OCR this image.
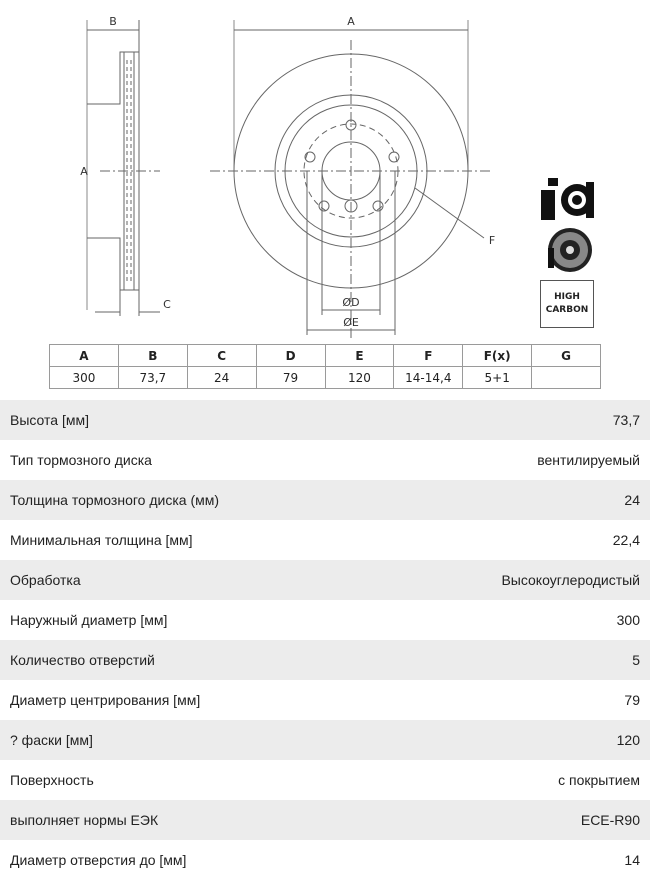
B
C
A
A
F
ØD
ØE
HIGH
CARBON
A	B	C	D	E	F	F(x)	G
300	73,7	24	79	120	14-14,4	5+1	
Высота [мм]	73,7
Тип тормозного диска	вентилируемый
Толщина тормозного диска (мм)	24
Минимальная толщина [мм]	22,4
Обработка	Высокоуглеродистый
Наружный диаметр [мм]	300
Количество отверстий	5
Диаметр центрирования [мм]	79
? фаски [мм]	120
Поверхность	с покрытием
выполняет нормы ЕЭК	ECE-R90
Диаметр отверстия до [мм]	14
